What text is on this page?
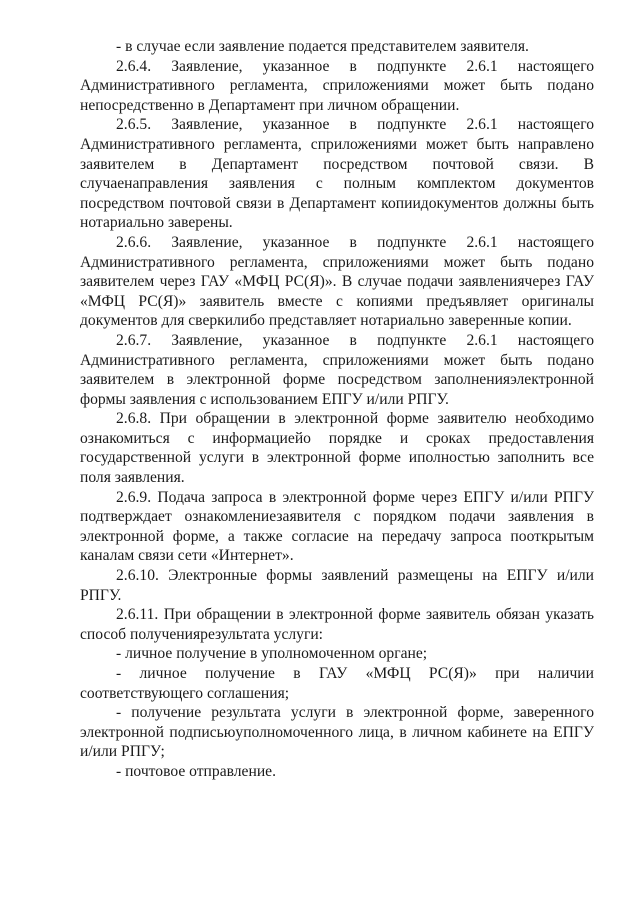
- в случае если заявление подается представителем заявителя.

2.6.4. Заявление, указанное в подпункте 2.6.1 настоящего Административного регламента, сприложениями может быть подано непосредственно в Департамент при личном обращении.

2.6.5. Заявление, указанное в подпункте 2.6.1 настоящего Административного регламента, сприложениями может быть направлено заявителем в Департамент посредством почтовой связи. В случаенаправления заявления с полным комплектом документов посредством почтовой связи в Департамент копиидокументов должны быть нотариально заверены.

2.6.6. Заявление, указанное в подпункте 2.6.1 настоящего Административного регламента, сприложениями может быть подано заявителем через ГАУ «МФЦ РС(Я)». В случае подачи заявлениячерез ГАУ «МФЦ РС(Я)» заявитель вместе с копиями предъявляет оригиналы документов для сверкилибо представляет нотариально заверенные копии.

2.6.7. Заявление, указанное в подпункте 2.6.1 настоящего Административного регламента, сприложениями может быть подано заявителем в электронной форме посредством заполненияэлектронной формы заявления с использованием ЕПГУ и/или РПГУ.

2.6.8. При обращении в электронной форме заявителю необходимо ознакомиться с информациейо порядке и сроках предоставления государственной услуги в электронной форме иполностью заполнить все поля заявления.

2.6.9. Подача запроса в электронной форме через ЕПГУ и/или РПГУ подтверждает ознакомлениезаявителя с порядком подачи заявления в электронной форме, а также согласие на передачу запроса пооткрытым каналам связи сети «Интернет».

2.6.10. Электронные формы заявлений размещены на ЕПГУ и/или РПГУ.

2.6.11. При обращении в электронной форме заявитель обязан указать способ полученияpезультата услуги:

- личное получение в уполномоченном органе;

- личное получение в ГАУ «МФЦ РС(Я)» при наличии соответствующего соглашения;

- получение результата услуги в электронной форме, заверенного электронной подписьюуполномоченного лица, в личном кабинете на ЕПГУ и/или РПГУ;

- почтовое отправление.
